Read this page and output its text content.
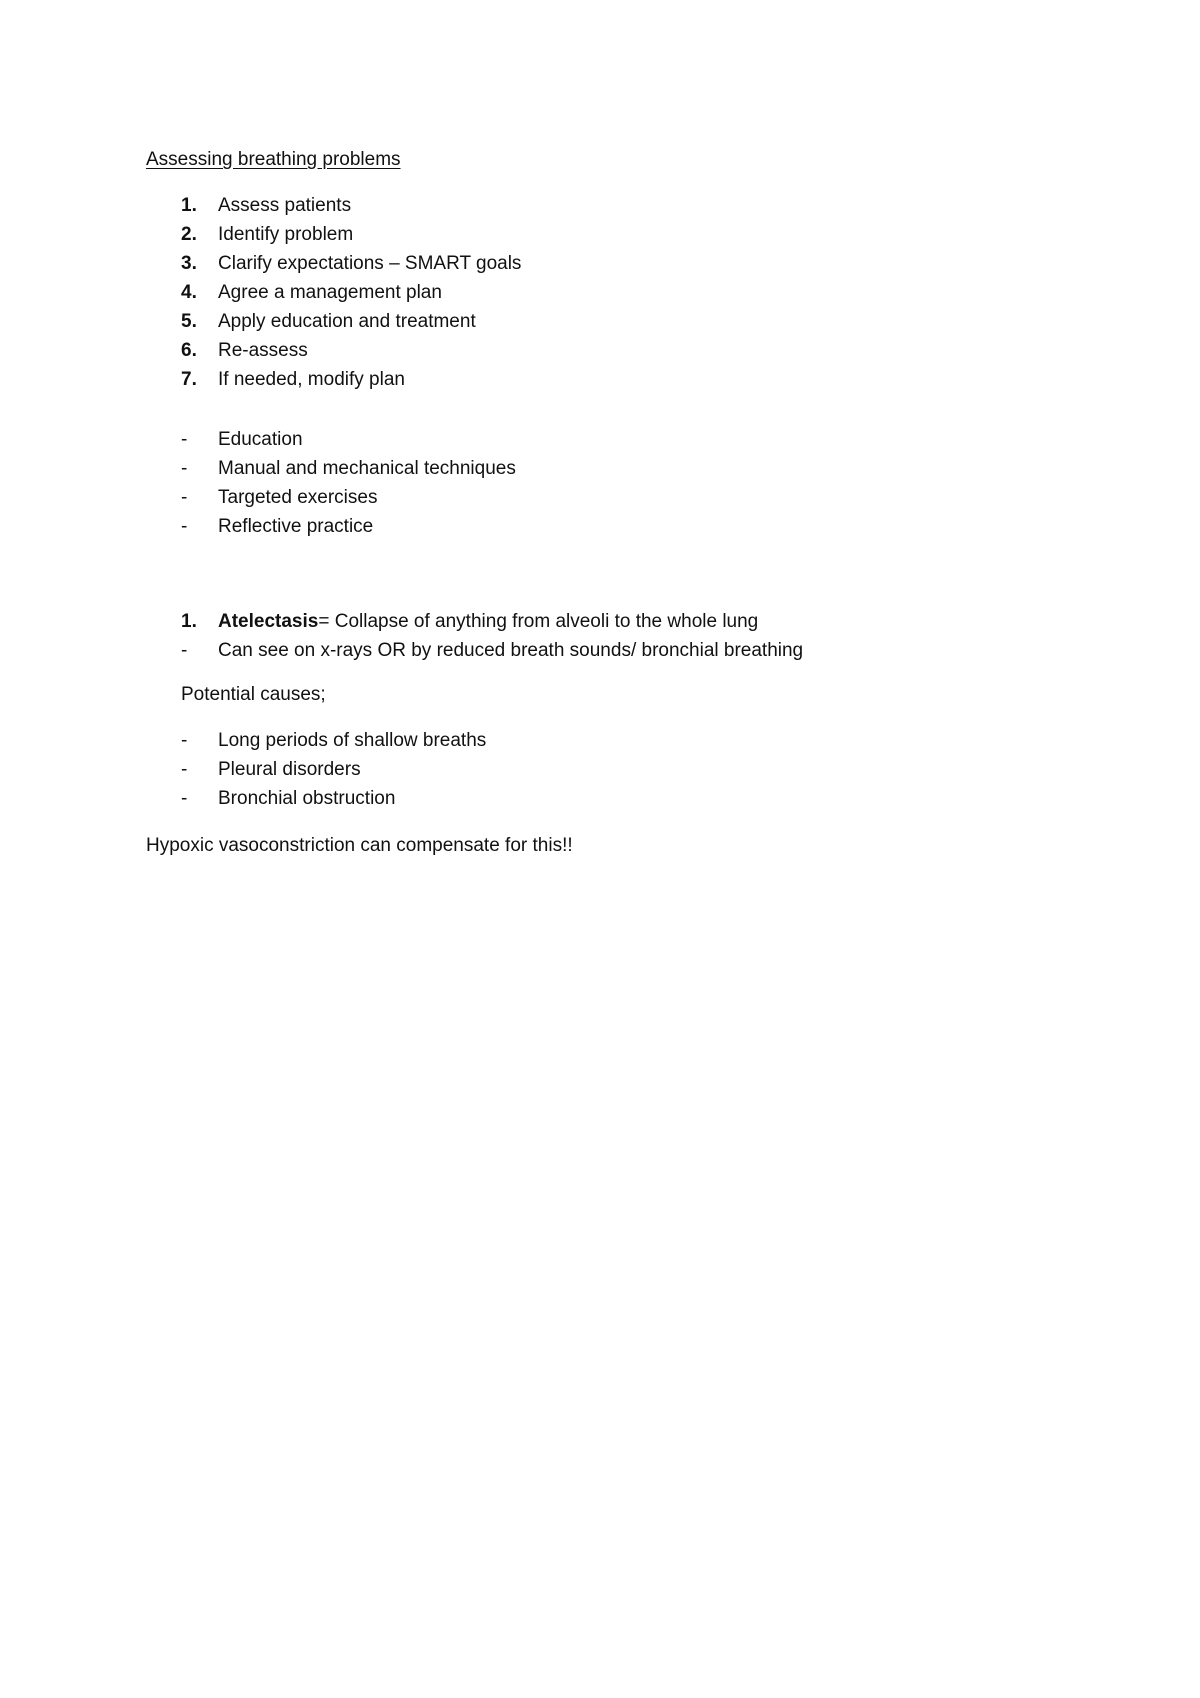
Assessing breathing problems
1. Assess patients
2. Identify problem
3. Clarify expectations – SMART goals
4. Agree a management plan
5. Apply education and treatment
6. Re-assess
7. If needed, modify plan
- Education
- Manual and mechanical techniques
- Targeted exercises
- Reflective practice
1. Atelectasis= Collapse of anything from alveoli to the whole lung
- Can see on x-rays OR by reduced breath sounds/ bronchial breathing
Potential causes;
- Long periods of shallow breaths
- Pleural disorders
- Bronchial obstruction
Hypoxic vasoconstriction can compensate for this!!
